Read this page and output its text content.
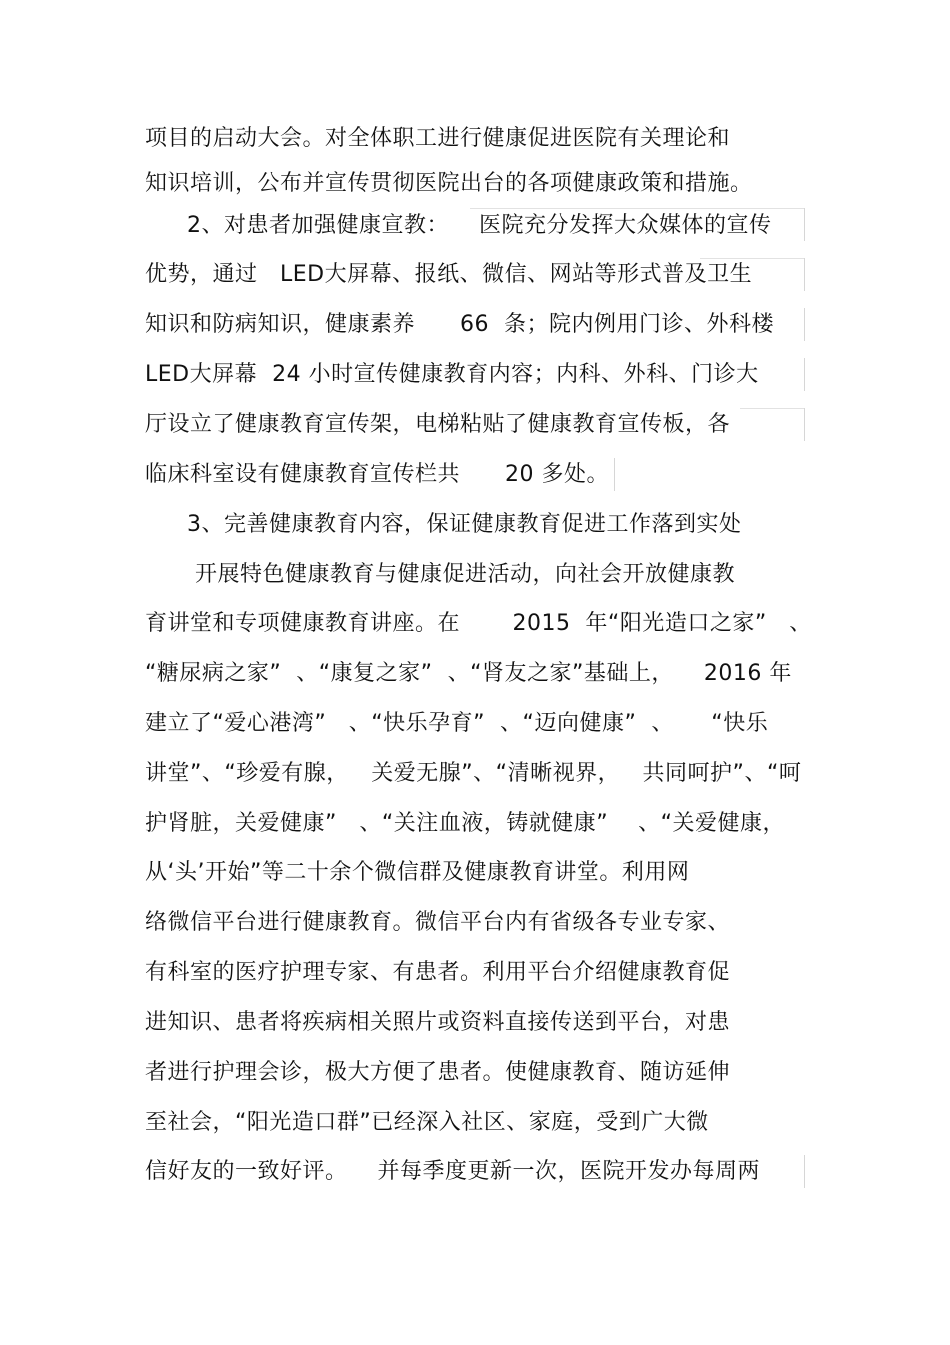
项目的启动大会。对全体职工进行健康促进医院有关理论和
知识培训，公布并宣传贯彻医院出台的各项健康政策和措施。
2、对患者加强健康宣教：    医院充分发挥大众媒体的宣传
优势，通过   LED大屏幕、报纸、微信、网站等形式普及卫生
知识和防病知识，健康素养      66  条；院内例用门诊、外科楼
LED大屏幕  24 小时宣传健康教育内容；内科、外科、门诊大
厅设立了健康教育宣传架，电梯粘贴了健康教育宣传板，各
临床科室设有健康教育宣传栏共      20 多处。
3、完善健康教育内容，保证健康教育促进工作落到实处
开展特色健康教育与健康促进活动，向社会开放健康教
育讲堂和专项健康教育讲座。在       2015  年“阳光造口之家”   、
“糖尿病之家”  、“康复之家”  、“肾友之家”基础上，    2016 年
建立了“爱心港湾”   、“快乐孕育”  、“迈向健康”  、     “快乐
讲堂”、“珍爱有腺，   关爱无腺”、“清晰视界，   共同呵护”、“呵
护肾脏，关爱健康”   、“关注血液，铸就健康”    、“关爱健康，
从‘头’开始”等二十余个微信群及健康教育讲堂。利用网
络微信平台进行健康教育。微信平台内有省级各专业专家、
有科室的医疗护理专家、有患者。利用平台介绍健康教育促
进知识、患者将疾病相关照片或资料直接传送到平台，对患
者进行护理会诊，极大方便了患者。使健康教育、随访延伸
至社会，“阳光造口群”已经深入社区、家庭，受到广大微
信好友的一致好评。    并每季度更新一次，医院开发办每周两
